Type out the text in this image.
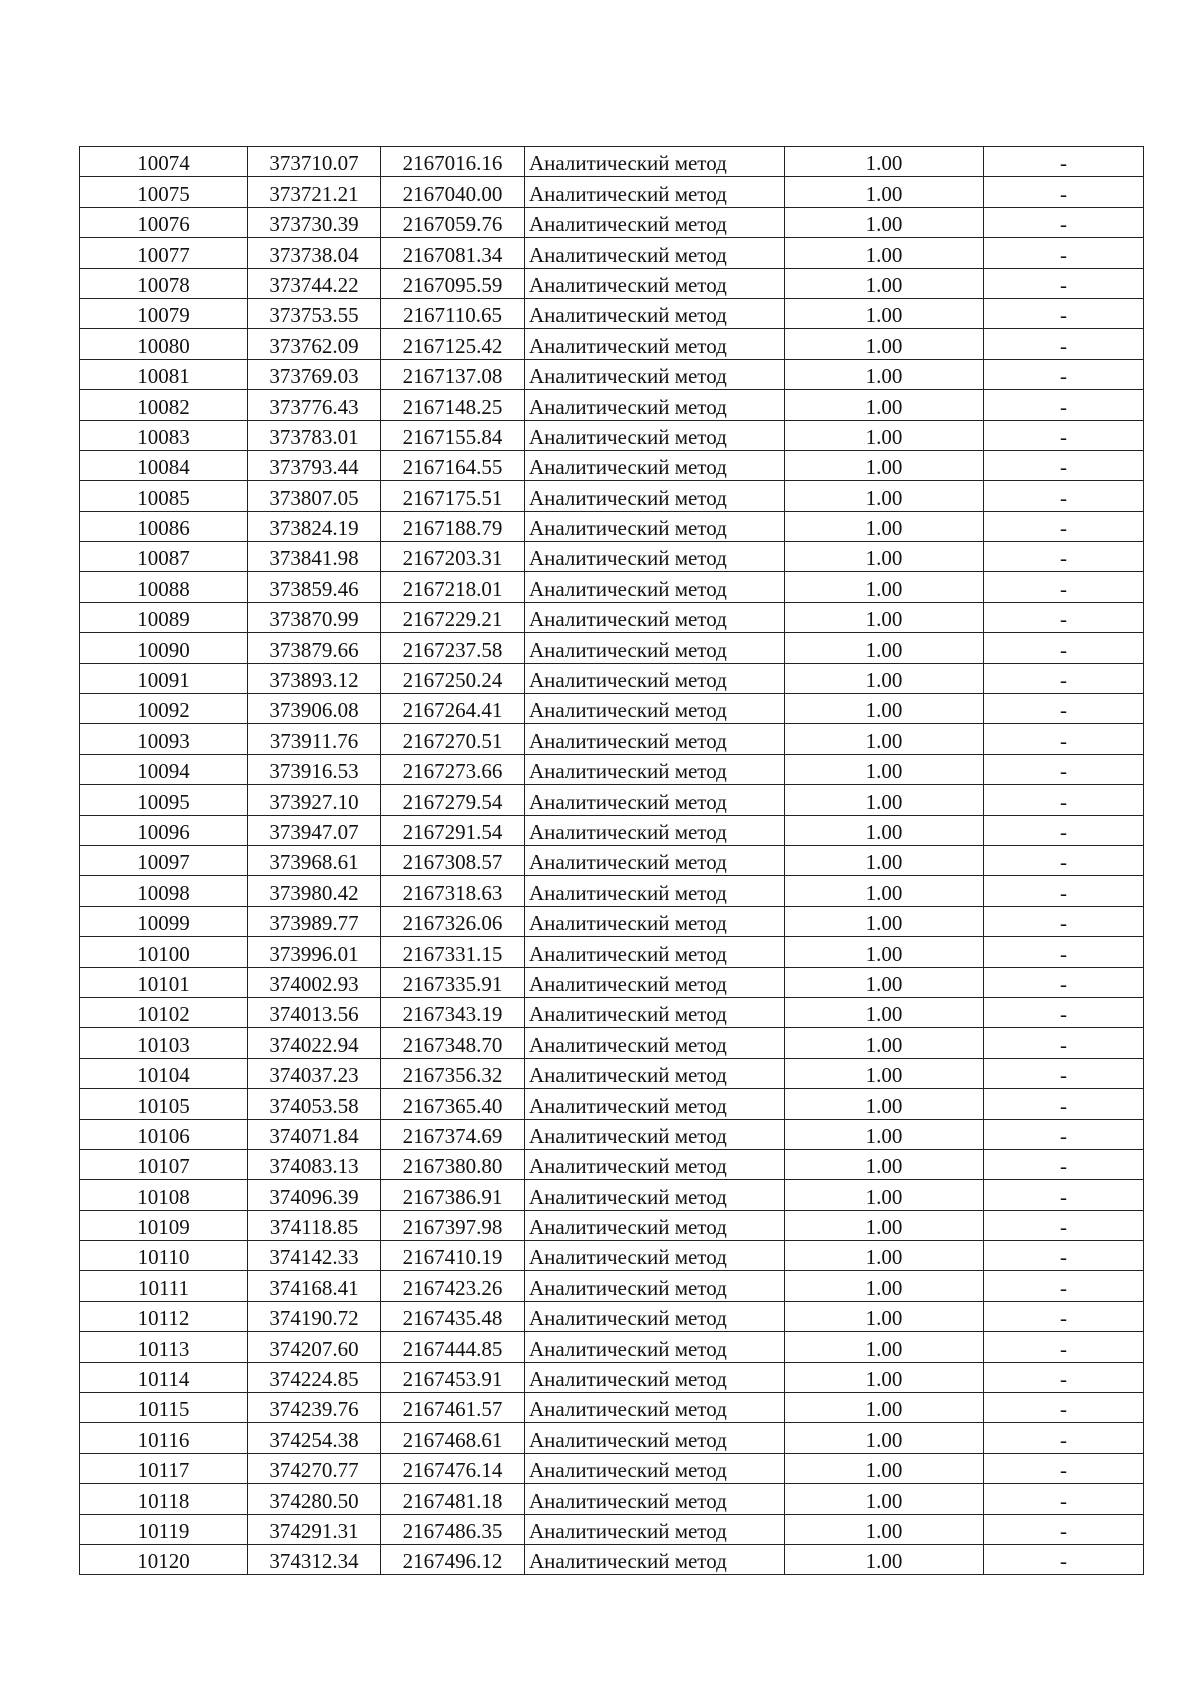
10074	373710.07	2167016.16	Аналитический метод	1.00	-
10075	373721.21	2167040.00	Аналитический метод	1.00	-
10076	373730.39	2167059.76	Аналитический метод	1.00	-
10077	373738.04	2167081.34	Аналитический метод	1.00	-
10078	373744.22	2167095.59	Аналитический метод	1.00	-
10079	373753.55	2167110.65	Аналитический метод	1.00	-
10080	373762.09	2167125.42	Аналитический метод	1.00	-
10081	373769.03	2167137.08	Аналитический метод	1.00	-
10082	373776.43	2167148.25	Аналитический метод	1.00	-
10083	373783.01	2167155.84	Аналитический метод	1.00	-
10084	373793.44	2167164.55	Аналитический метод	1.00	-
10085	373807.05	2167175.51	Аналитический метод	1.00	-
10086	373824.19	2167188.79	Аналитический метод	1.00	-
10087	373841.98	2167203.31	Аналитический метод	1.00	-
10088	373859.46	2167218.01	Аналитический метод	1.00	-
10089	373870.99	2167229.21	Аналитический метод	1.00	-
10090	373879.66	2167237.58	Аналитический метод	1.00	-
10091	373893.12	2167250.24	Аналитический метод	1.00	-
10092	373906.08	2167264.41	Аналитический метод	1.00	-
10093	373911.76	2167270.51	Аналитический метод	1.00	-
10094	373916.53	2167273.66	Аналитический метод	1.00	-
10095	373927.10	2167279.54	Аналитический метод	1.00	-
10096	373947.07	2167291.54	Аналитический метод	1.00	-
10097	373968.61	2167308.57	Аналитический метод	1.00	-
10098	373980.42	2167318.63	Аналитический метод	1.00	-
10099	373989.77	2167326.06	Аналитический метод	1.00	-
10100	373996.01	2167331.15	Аналитический метод	1.00	-
10101	374002.93	2167335.91	Аналитический метод	1.00	-
10102	374013.56	2167343.19	Аналитический метод	1.00	-
10103	374022.94	2167348.70	Аналитический метод	1.00	-
10104	374037.23	2167356.32	Аналитический метод	1.00	-
10105	374053.58	2167365.40	Аналитический метод	1.00	-
10106	374071.84	2167374.69	Аналитический метод	1.00	-
10107	374083.13	2167380.80	Аналитический метод	1.00	-
10108	374096.39	2167386.91	Аналитический метод	1.00	-
10109	374118.85	2167397.98	Аналитический метод	1.00	-
10110	374142.33	2167410.19	Аналитический метод	1.00	-
10111	374168.41	2167423.26	Аналитический метод	1.00	-
10112	374190.72	2167435.48	Аналитический метод	1.00	-
10113	374207.60	2167444.85	Аналитический метод	1.00	-
10114	374224.85	2167453.91	Аналитический метод	1.00	-
10115	374239.76	2167461.57	Аналитический метод	1.00	-
10116	374254.38	2167468.61	Аналитический метод	1.00	-
10117	374270.77	2167476.14	Аналитический метод	1.00	-
10118	374280.50	2167481.18	Аналитический метод	1.00	-
10119	374291.31	2167486.35	Аналитический метод	1.00	-
10120	374312.34	2167496.12	Аналитический метод	1.00	-
